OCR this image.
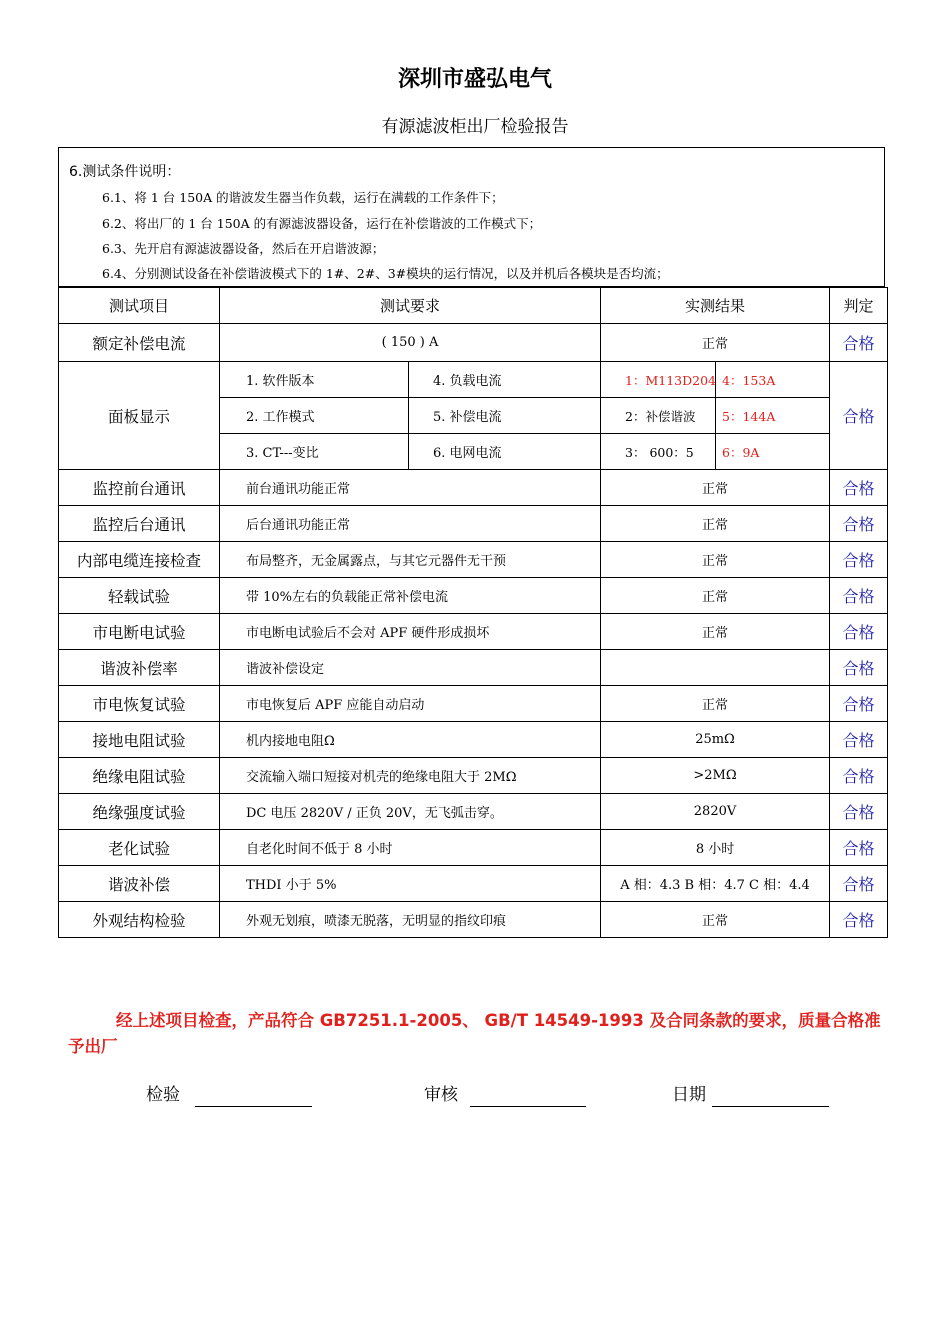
深圳市盛弘电气
有源滤波柜出厂检验报告
6.测试条件说明：
6.1、将 1 台 150A 的谐波发生器当作负载，运行在满载的工作条件下；
6.2、将出厂的 1 台 150A 的有源滤波器设备，运行在补偿谐波的工作模式下；
6.3、先开启有源滤波器设备，然后在开启谐波源；
6.4、分别测试设备在补偿谐波模式下的 1#、2#、3#模块的运行情况，以及并机后各模块是否均流；
测试项目	测试要求		实测结果		判定
额定补偿电流	( 150 ) A		正常		合格
面板显示	1. 软件版本	4. 负载电流	1：M113D204	4：153A	合格
	2. 工作模式	5. 补偿电流	2：补偿谐波	5：144A	
	3. CT---变比	6. 电网电流	3： 600：5	6：9A	
监控前台通讯	前台通讯功能正常		正常		合格
监控后台通讯	后台通讯功能正常		正常		合格
内部电缆连接检查	布局整齐，无金属露点，与其它元器件无干预		正常		合格
轻载试验	带 10%左右的负载能正常补偿电流		正常		合格
市电断电试验	市电断电试验后不会对 APF 硬件形成损坏		正常		合格
谐波补偿率	谐波补偿设定				合格
市电恢复试验	市电恢复后 APF 应能自动启动		正常		合格
接地电阻试验	机内接地电阻Ω		25mΩ		合格
绝缘电阻试验	交流输入端口短接对机壳的绝缘电阻大于 2MΩ		>2MΩ		合格
绝缘强度试验	DC 电压 2820V / 正负 20V，无飞弧击穿。		2820V		合格
老化试验	自老化时间不低于 8 小时		8 小时		合格
谐波补偿	THDI 小于 5%		A 相：4.3 B 相：4.7 C 相：4.4		合格
外观结构检验	外观无划痕，喷漆无脱落，无明显的指纹印痕		正常		合格
经上述项目检查，产品符合 GB7251.1-2005、 GB/T 14549-1993 及合同条款的要求，质量合格准予出厂
检验	审核	日期
